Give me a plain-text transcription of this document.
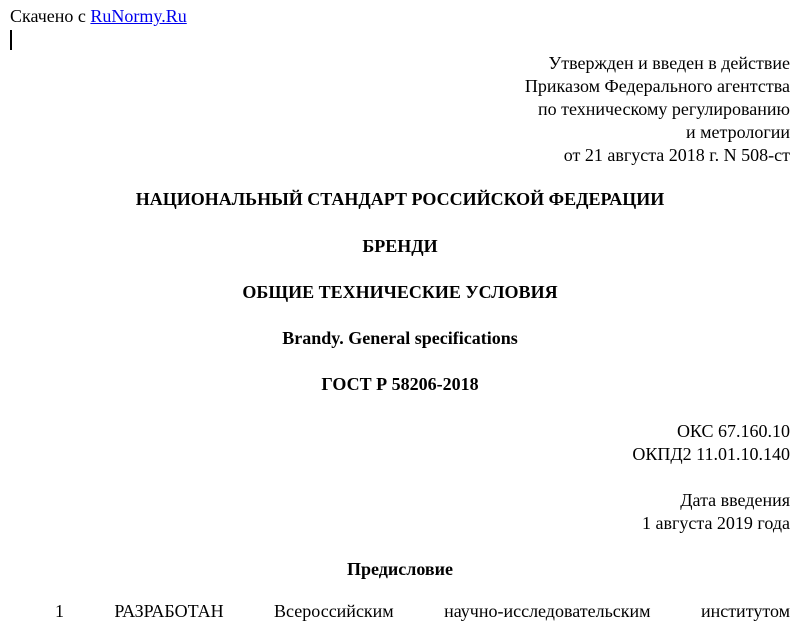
Скачено с RuNormy.Ru
Утвержден и введен в действие
Приказом Федерального агентства
по техническому регулированию
и метрологии
от 21 августа 2018 г. N 508-ст
НАЦИОНАЛЬНЫЙ СТАНДАРТ РОССИЙСКОЙ ФЕДЕРАЦИИ
БРЕНДИ
ОБЩИЕ ТЕХНИЧЕСКИЕ УСЛОВИЯ
Brandy. General specifications
ГОСТ Р 58206-2018
ОКС 67.160.10
ОКПД2 11.01.10.140
Дата введения
1 августа 2019 года
Предисловие
1	РАЗРАБОТАН	Всероссийским	научно-исследовательским	институтом
